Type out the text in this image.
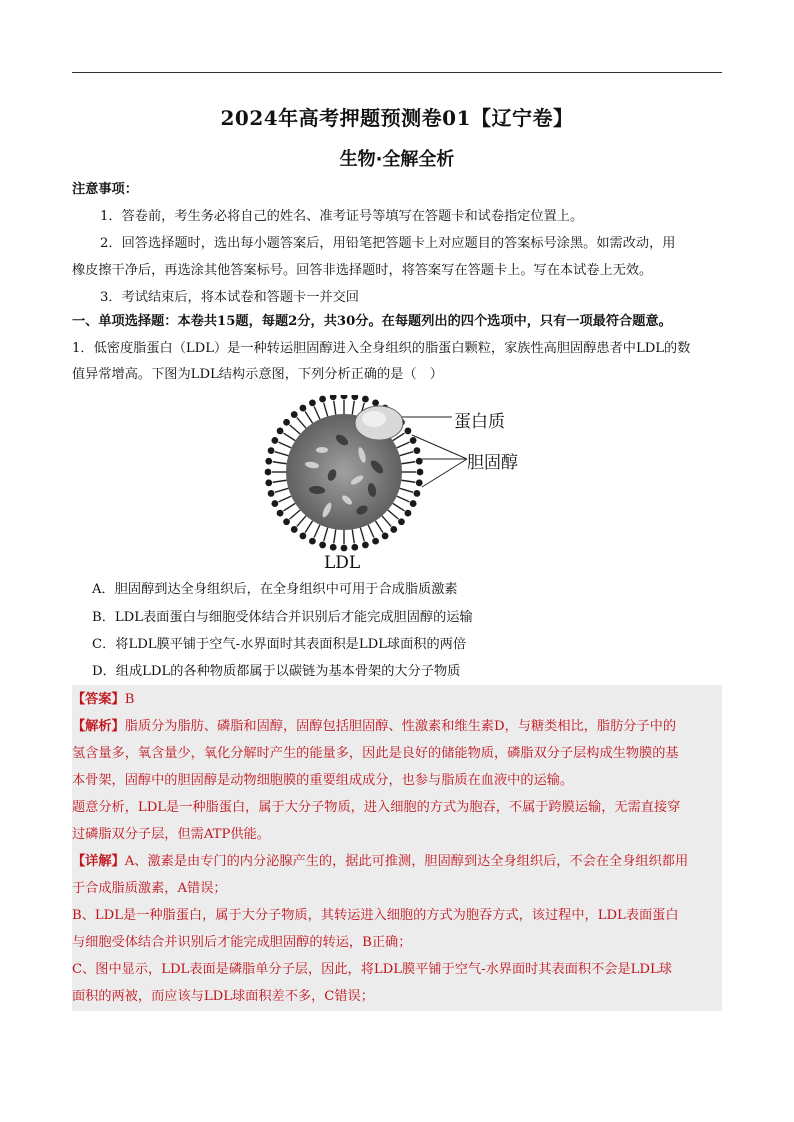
2024年高考押题预测卷01【辽宁卷】
生物·全解全析
注意事项：
1．答卷前，考生务必将自己的姓名、准考证号等填写在答题卡和试卷指定位置上。
2．回答选择题时，选出每小题答案后，用铅笔把答题卡上对应题目的答案标号涂黑。如需改动，用
橡皮擦干净后，再选涂其他答案标号。回答非选择题时，将答案写在答题卡上。写在本试卷上无效。
3．考试结束后，将本试卷和答题卡一并交回
一、单项选择题：本卷共15题，每题2分，共30分。在每题列出的四个选项中，只有一项最符合题意。
1．低密度脂蛋白（LDL）是一种转运胆固醇进入全身组织的脂蛋白颗粒，家族性高胆固醇患者中LDL的数
值异常增高。下图为LDL结构示意图，下列分析正确的是（　）
蛋白质
胆固醇
LDL
A．胆固醇到达全身组织后，在全身组织中可用于合成脂质激素
B．LDL表面蛋白与细胞受体结合并识别后才能完成胆固醇的运输
C．将LDL膜平铺于空气-水界面时其表面积是LDL球面积的两倍
D．组成LDL的各种物质都属于以碳链为基本骨架的大分子物质
【答案】B
【解析】脂质分为脂肪、磷脂和固醇，固醇包括胆固醇、性激素和维生素D，与糖类相比，脂肪分子中的
氢含量多，氧含量少，氧化分解时产生的能量多，因此是良好的储能物质，磷脂双分子层构成生物膜的基
本骨架，固醇中的胆固醇是动物细胞膜的重要组成成分，也参与脂质在血液中的运输。
题意分析，LDL是一种脂蛋白，属于大分子物质，进入细胞的方式为胞吞，不属于跨膜运输，无需直接穿
过磷脂双分子层，但需ATP供能。
【详解】A、激素是由专门的内分泌腺产生的，据此可推测，胆固醇到达全身组织后，不会在全身组织都用
于合成脂质激素，A错误；
B、LDL是一种脂蛋白，属于大分子物质，其转运进入细胞的方式为胞吞方式，该过程中，LDL表面蛋白
与细胞受体结合并识别后才能完成胆固醇的转运，B正确；
C、图中显示，LDL表面是磷脂单分子层，因此，将LDL膜平铺于空气-水界面时其表面积不会是LDL球
面积的两被，而应该与LDL球面积差不多，C错误；
